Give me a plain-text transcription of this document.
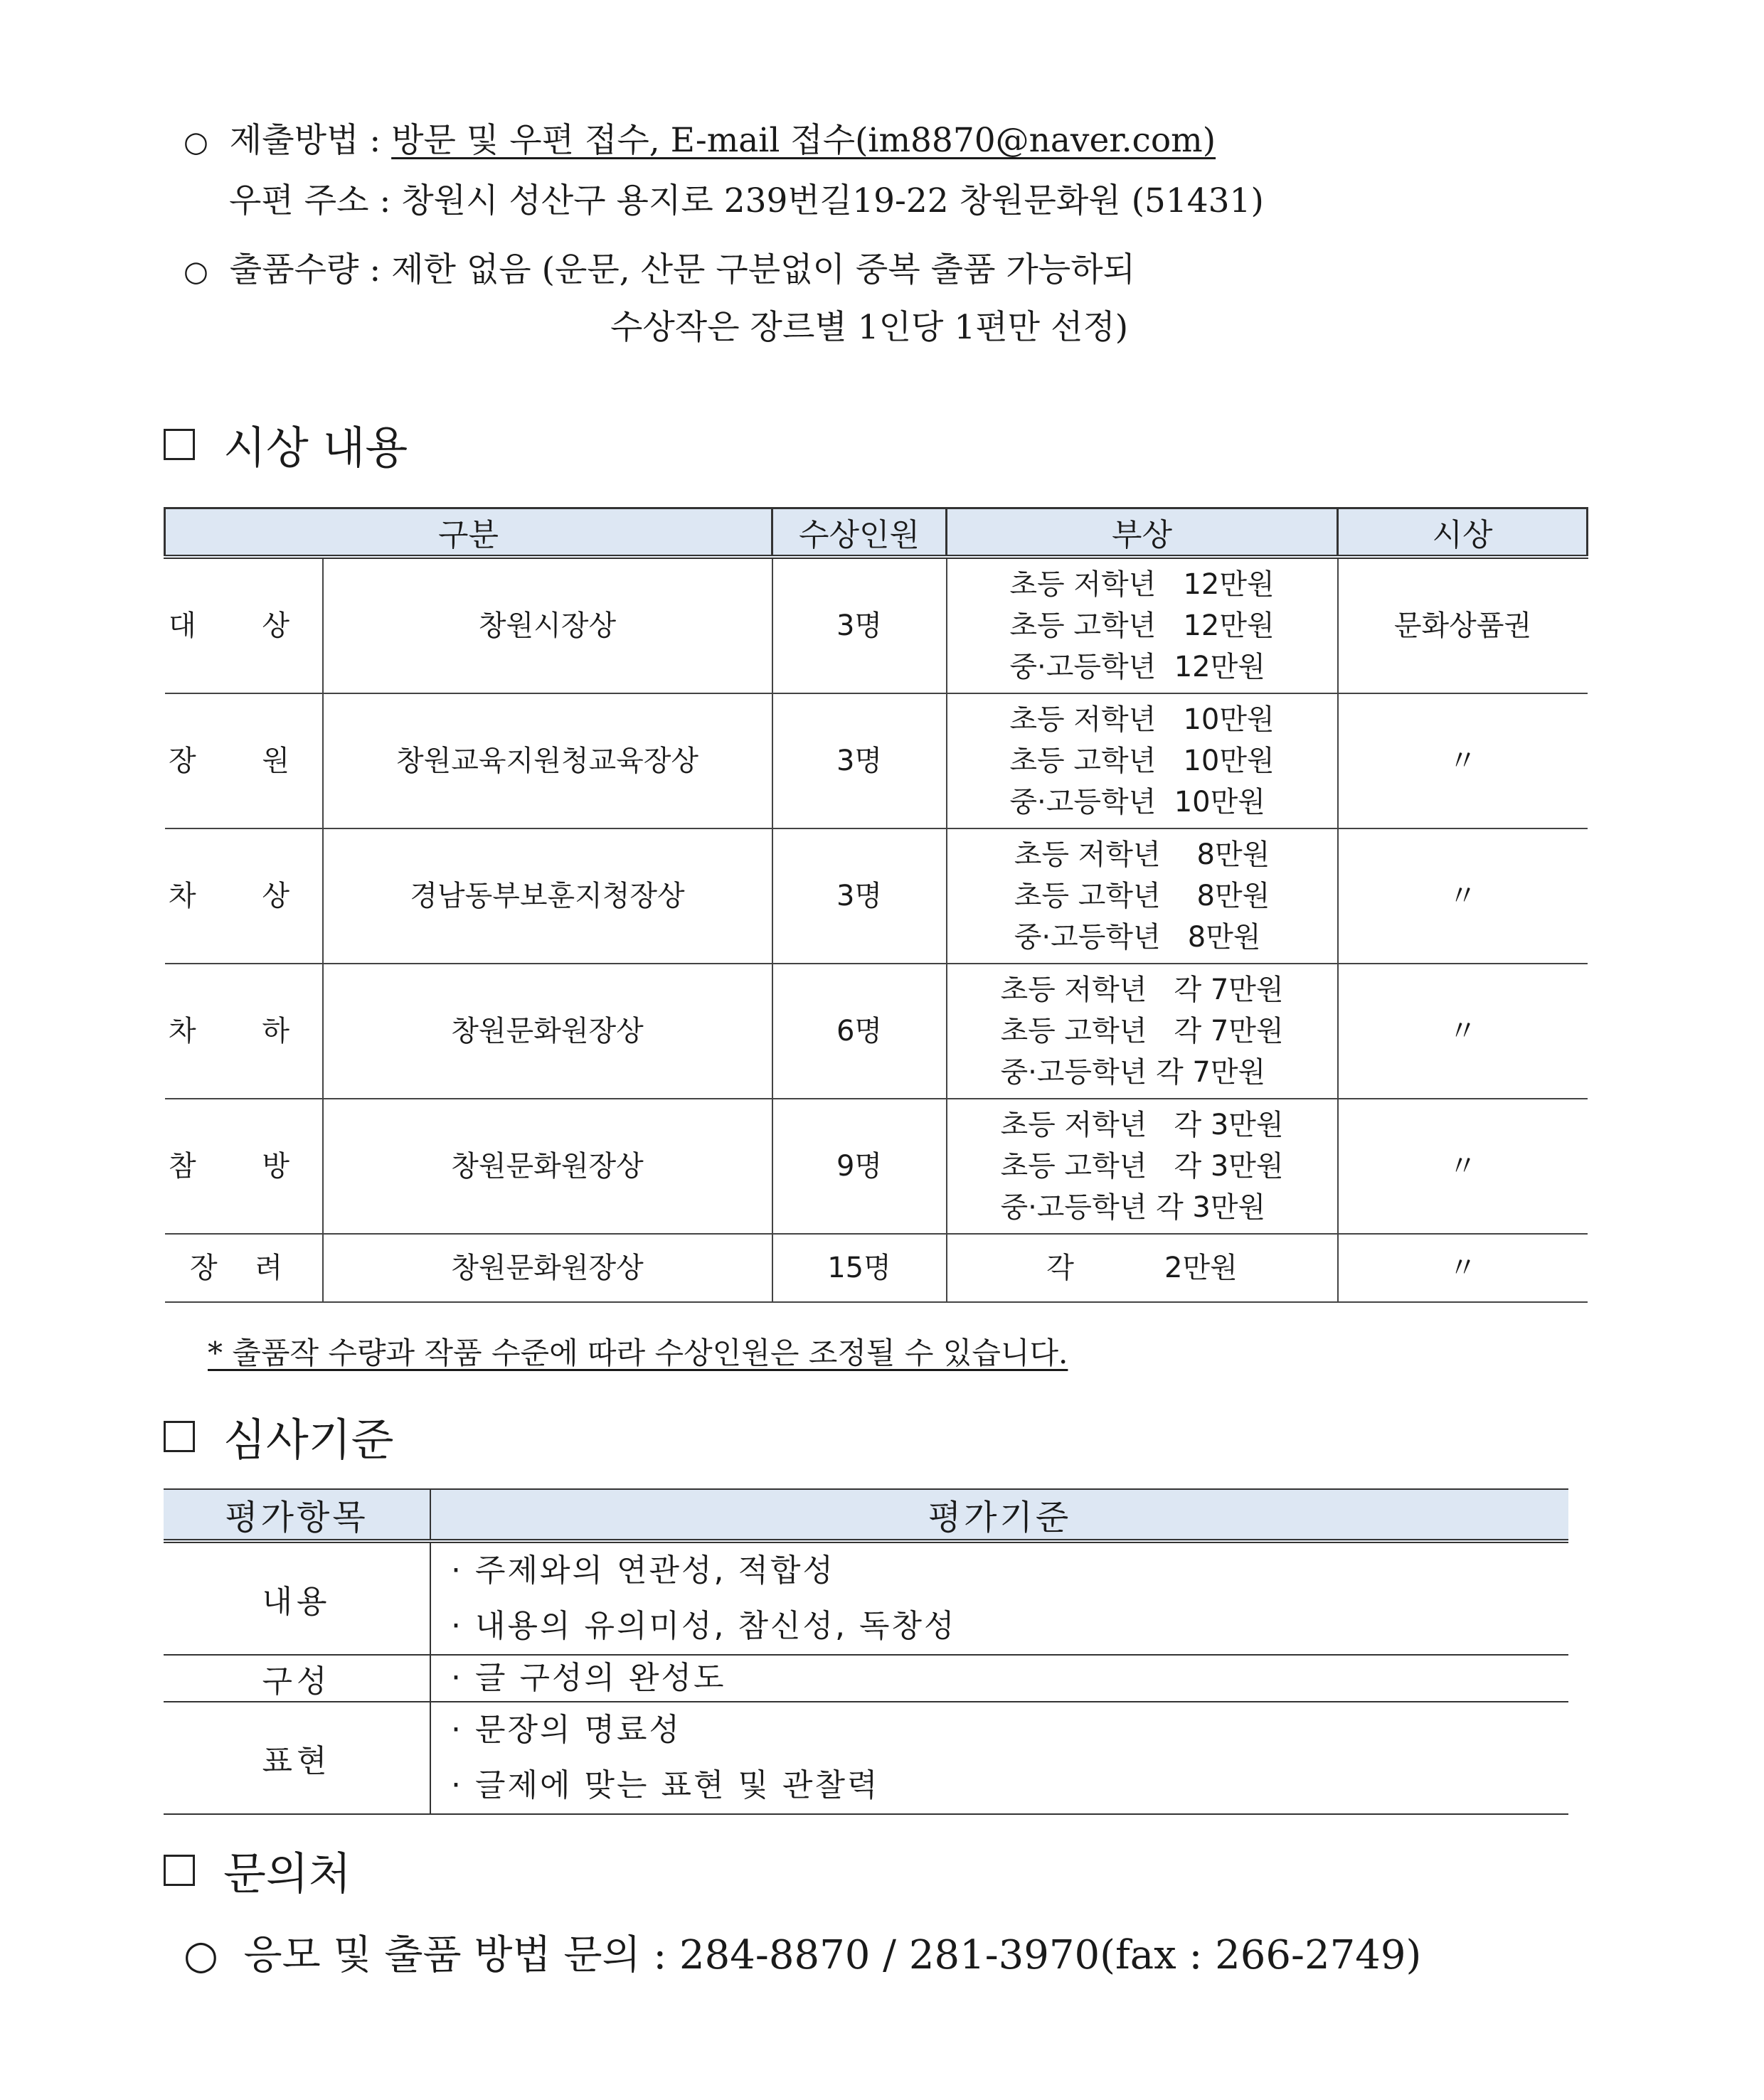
○ 제출방법 : 방문 및 우편 접수, E-mail 접수(im8870@naver.com)
우편 주소 : 창원시 성산구 용지로 239번길19-22 창원문화원 (51431)
○ 출품수량 : 제한 없음 (운문, 산문 구분없이 중복 출품 가능하되
수상작은 장르별 1인당 1편만 선정)
시상 내용
구분		수상인원	부상	시상
대 상	창원시장상	3명	초등 저학년   12만원
초등 고학년   12만원
중·고등학년  12만원	문화상품권
장 원	창원교육지원청교육장상	3명	초등 저학년   10만원
초등 고학년   10만원
중·고등학년  10만원	〃
차 상	경남동부보훈지청장상	3명	초등 저학년    8만원
초등 고학년    8만원
중·고등학년   8만원	〃
차 하	창원문화원장상	6명	초등 저학년   각 7만원
초등 고학년   각 7만원
중·고등학년 각 7만원	〃
참 방	창원문화원장상	9명	초등 저학년   각 3만원
초등 고학년   각 3만원
중·고등학년 각 3만원	〃
장 려	창원문화원장상	15명	각          2만원	〃
* 출품작 수량과 작품 수준에 따라 수상인원은 조정될 수 있습니다.
심사기준
평가항목	평가기준
내용	· 주제와의 연관성, 적합성
· 내용의 유의미성, 참신성, 독창성

구성	· 글 구성의 완성도

표현	· 문장의 명료성
· 글제에 맞는 표현 및 관찰력
문의처
○ 응모 및 출품 방법 문의 : 284-8870 / 281-3970(fax : 266-2749)
